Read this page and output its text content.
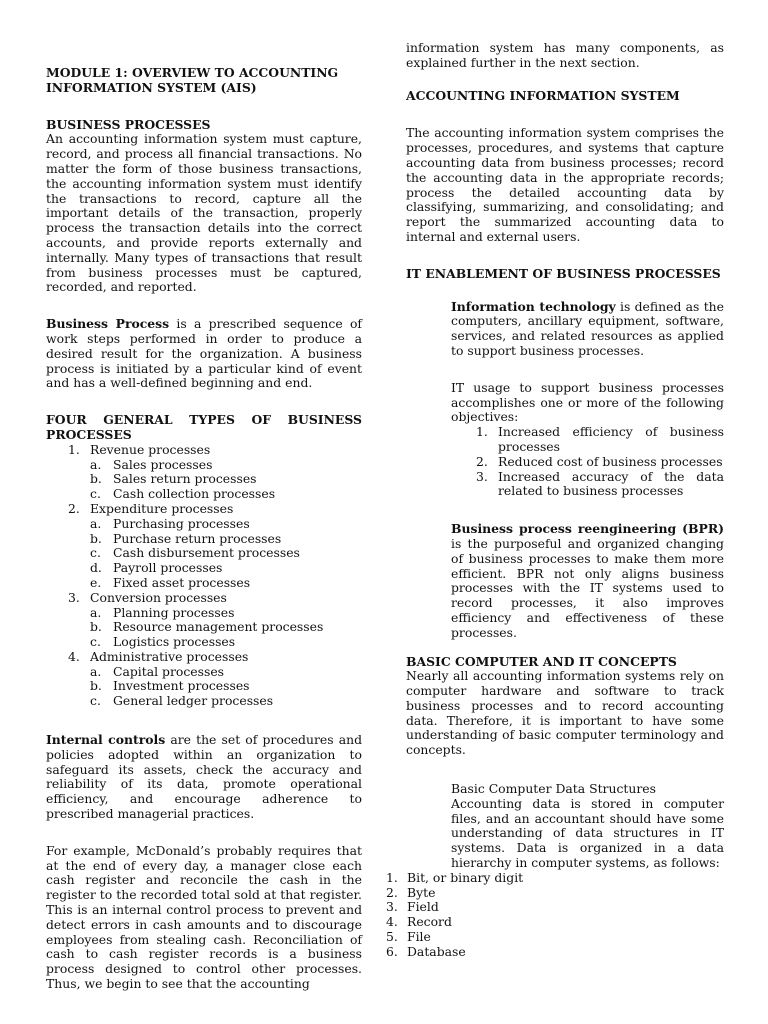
MODULE 1: OVERVIEW TO ACCOUNTING INFORMATION SYSTEM (AIS)

BUSINESS PROCESSES

An accounting information system must capture, record, and process all financial transactions. No matter the form of those business transactions, the accounting information system must identify the transactions to record, capture all the important details of the transaction, properly process the transaction details into the correct accounts, and provide reports externally and internally. Many types of transactions that result from business processes must be captured, recorded, and reported.

Business Process is a prescribed sequence of work steps performed in order to produce a desired result for the organization. A business process is initiated by a particular kind of event and has a well-defined beginning and end.

FOUR GENERAL TYPES OF BUSINESS PROCESSES

1. Revenue processes
a. Sales processes
b. Sales return processes
c. Cash collection processes
2. Expenditure processes
a. Purchasing processes
b. Purchase return processes
c. Cash disbursement processes
d. Payroll processes
e. Fixed asset processes
3. Conversion processes
a. Planning processes
b. Resource management processes
c. Logistics processes
4. Administrative processes
a. Capital processes
b. Investment processes
c. General ledger processes

Internal controls are the set of procedures and policies adopted within an organization to safeguard its assets, check the accuracy and reliability of its data, promote operational efficiency, and encourage adherence to prescribed managerial practices.

For example, McDonald’s probably requires that at the end of every day, a manager close each cash register and reconcile the cash in the register to the recorded total sold at that register. This is an internal control process to prevent and detect errors in cash amounts and to discourage employees from stealing cash. Reconciliation of cash to cash register records is a business process designed to control other processes. Thus, we begin to see that the accounting

information system has many components, as explained further in the next section.

ACCOUNTING INFORMATION SYSTEM

The accounting information system comprises the processes, procedures, and systems that capture accounting data from business processes; record the accounting data in the appropriate records; process the detailed accounting data by classifying, summarizing, and consolidating; and report the summarized accounting data to internal and external users.

IT ENABLEMENT OF BUSINESS PROCESSES

Information technology is defined as the computers, ancillary equipment, software, services, and related resources as applied to support business processes.

IT usage to support business processes accomplishes one or more of the following objectives:

1. Increased efficiency of business processes

2. Reduced cost of business processes

3. Increased accuracy of the data related to business processes

Business process reengineering (BPR) is the purposeful and organized changing of business processes to make them more efficient. BPR not only aligns business processes with the IT systems used to record processes, it also improves efficiency and effectiveness of these processes.

BASIC COMPUTER AND IT CONCEPTS

Nearly all accounting information systems rely on computer hardware and software to track business processes and to record accounting data. Therefore, it is important to have some understanding of basic computer terminology and concepts.

Basic Computer Data Structures

Accounting data is stored in computer files, and an accountant should have some understanding of data structures in IT systems. Data is organized in a data hierarchy in computer systems, as follows:

1. Bit, or binary digit
2. Byte
3. Field
4. Record
5. File
6. Database
